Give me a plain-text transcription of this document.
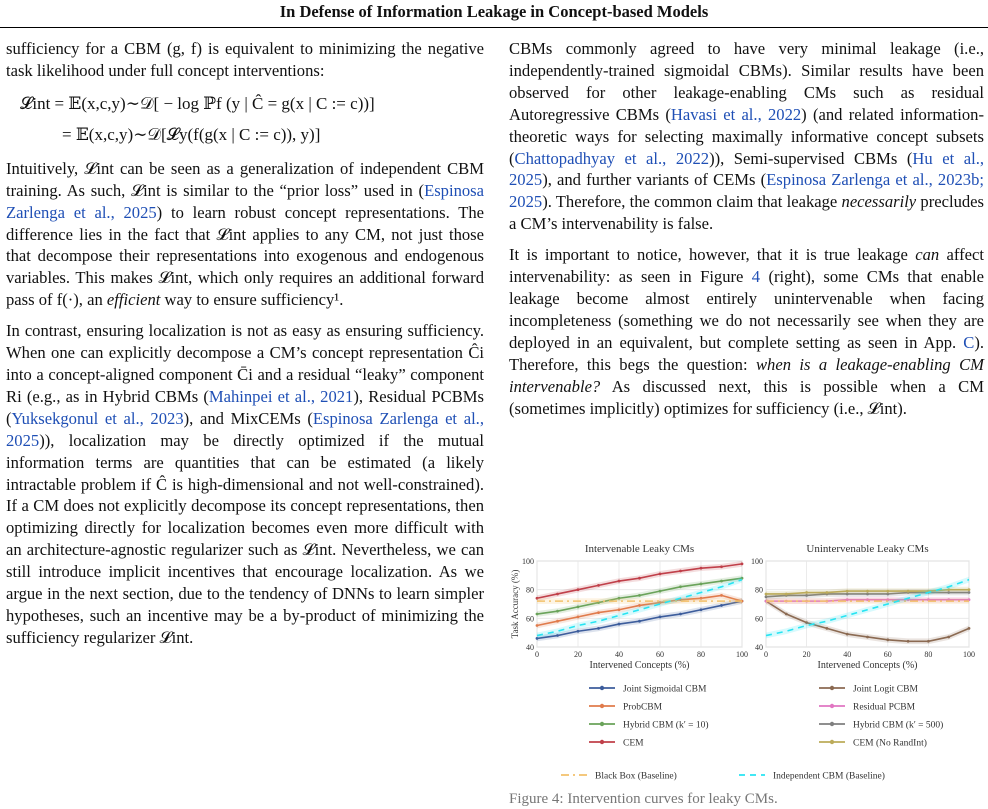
In Defense of Information Leakage in Concept-based Models

sufficiency for a CBM (g, f) is equivalent to minimizing the negative task likelihood under full concept interventions:

𝓛int = 𝔼(x,c,y)∼𝒟[ − log ℙf (y | Ĉ = g(x | C := c))]
= 𝔼(x,c,y)∼𝒟[𝓛y(f(g(x | C := c)), y)]

Intuitively, 𝓛int can be seen as a generalization of independent CBM training. As such, 𝓛int is similar to the “prior loss” used in (Espinosa Zarlenga et al., 2025) to learn robust concept representations. The difference lies in the fact that 𝓛int applies to any CM, not just those that decompose their representations into exogenous and endogenous variables. This makes 𝓛int, which only requires an additional forward pass of f(·), an efficient way to ensure sufficiency¹.

In contrast, ensuring localization is not as easy as ensuring sufficiency. When one can explicitly decompose a CM’s concept representation Ĉi into a concept-aligned component C̄i and a residual “leaky” component Ri (e.g., as in Hybrid CBMs (Mahinpei et al., 2021), Residual PCBMs (Yuksekgonul et al., 2023), and MixCEMs (Espinosa Zarlenga et al., 2025)), localization may be directly optimized if the mutual information terms are quantities that can be estimated (a likely intractable problem if Ĉ is high-dimensional and not well-constrained). If a CM does not explicitly decompose its concept representations, then optimizing directly for localization becomes even more difficult with an architecture-agnostic regularizer such as 𝓛int. Nevertheless, we can still introduce implicit incentives that encourage localization. As we argue in the next section, due to the tendency of DNNs to learn simpler hypotheses, such an incentive may be a by-product of minimizing the sufficiency regularizer 𝓛int.

CBMs commonly agreed to have very minimal leakage (i.e., independently-trained sigmoidal CBMs). Similar results have been observed for other leakage-enabling CMs such as residual Autoregressive CBMs (Havasi et al., 2022) (and related information-theoretic ways for selecting maximally informative concept subsets (Chattopadhyay et al., 2022)), Semi-supervised CBMs (Hu et al., 2025), and further variants of CEMs (Espinosa Zarlenga et al., 2023b; 2025). Therefore, the common claim that leakage necessarily precludes a CM’s intervenability is false.

It is important to notice, however, that it is true leakage can affect intervenability: as seen in Figure 4 (right), some CMs that enable leakage become almost entirely unintervenable when facing incompleteness (something we do not necessarily see when they are deployed in an equivalent, but complete setting as seen in App. C). Therefore, this begs the question: when is a leakage-enabling CM intervenable? As discussed next, this is possible when a CM (sometimes implicitly) optimizes for sufficiency (i.e., 𝓛int).

40
60
80
100
0	20	40	60	80	100
Intervenable Leaky CMs
Intervened Concepts (%)
Task Accuracy (%)
40
60
80
100
0	20	40	60	80	100
Unintervenable Leaky CMs
Intervened Concepts (%)
Joint Sigmoidal CBM
ProbCBM
Hybrid CBM (k′ = 10)
CEM
Joint Logit CBM
Residual PCBM
Hybrid CBM (k′ = 500)
CEM (No RandInt)
Black Box (Baseline)	Independent CBM (Baseline)
Figure 4: Intervention curves for leaky CMs.
